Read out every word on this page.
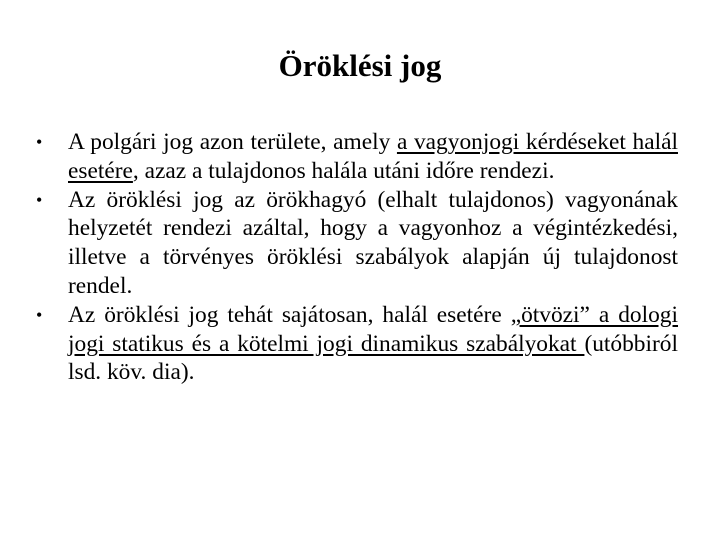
Öröklési jog
•	A polgári jog azon területe, amely a vagyonjogi kérdéseket halál esetére, azaz a tulajdonos halála utáni időre rendezi.
•	Az öröklési jog az örökhagyó (elhalt tulajdonos) vagyonának helyzetét rendezi azáltal, hogy a vagyonhoz a végintézkedési, illetve a törvényes öröklési szabályok alapján új tulajdonost rendel.
•	Az öröklési jog tehát sajátosan, halál esetére „ötvözi” a dologi jogi statikus és a kötelmi jogi dinamikus szabályokat (utóbbiról lsd. köv. dia).
